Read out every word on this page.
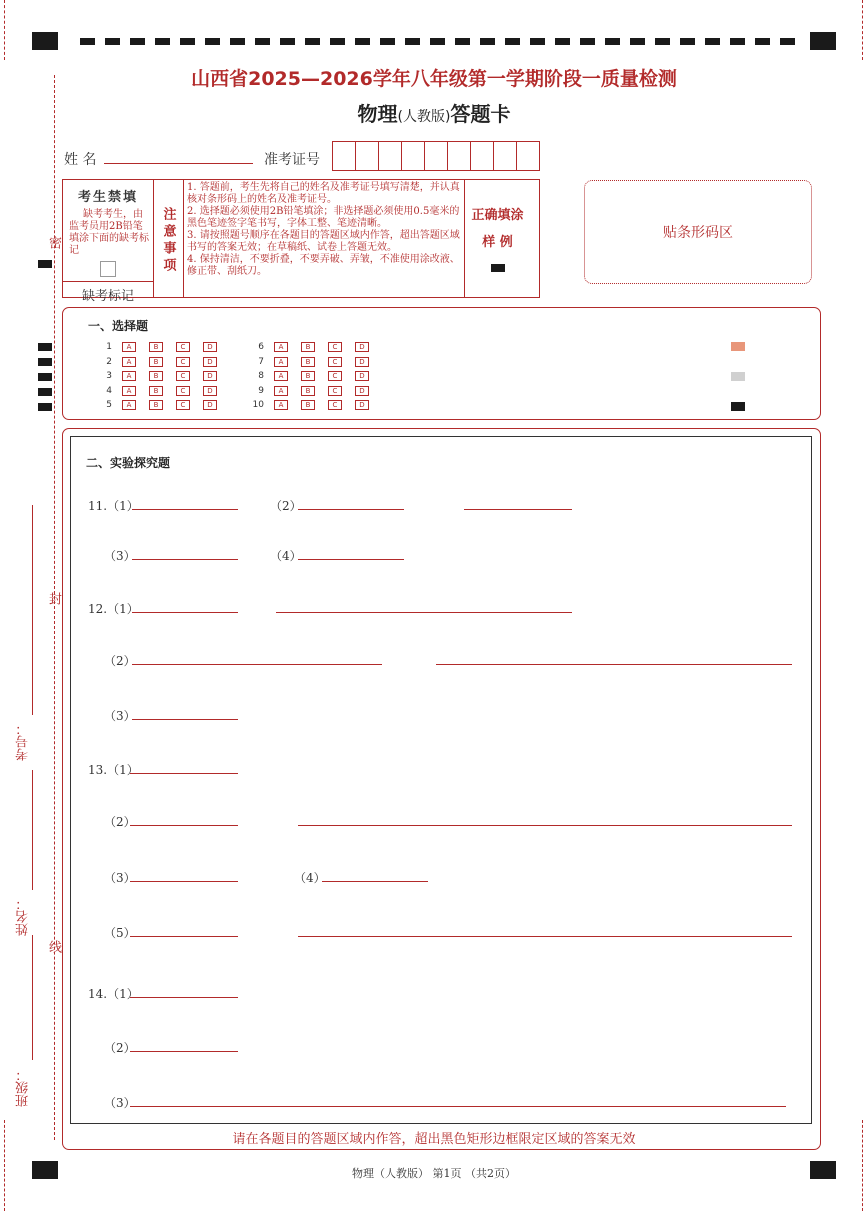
密
封
线
考号：
姓名：
班级：
山西省2025—2026学年八年级第一学期阶段一质量检测
物理(人教版)答题卡
姓 名	准考证号
考生禁填
缺考考生，由监考员用2B铅笔填涂下面的缺考标记
缺考标记
注意事项
1. 答题前，考生先将自己的姓名及准考证号填写清楚，并认真核对条形码上的姓名及准考证号。
2. 选择题必须使用2B铅笔填涂；非选择题必须使用0.5毫米的黑色笔迹签字笔书写，字体工整、笔迹清晰。
3. 请按照题号顺序在各题目的答题区域内作答，超出答题区域书写的答案无效；在草稿纸、试卷上答题无效。
4. 保持清洁，不要折叠，不要弄破、弄皱，不准使用涂改液、修正带、刮纸刀。
正确填涂
样 例
贴条形码区
一、选择题
1	A	B	C	D
2	A	B	C	D
3	A	B	C	D
4	A	B	C	D
5	A	B	C	D
6	A	B	C	D
7	A	B	C	D
8	A	B	C	D
9	A	B	C	D
10	A	B	C	D
二、实验探究题
11.（1）	（2）
（3）	（4）
12.（1）
（2）
（3）
13.（1）
（2）
（3）	（4）
（5）
14.（1）
（2）
（3）
请在各题目的答题区域内作答，超出黑色矩形边框限定区域的答案无效
物理（人教版） 第1页 （共2页）
